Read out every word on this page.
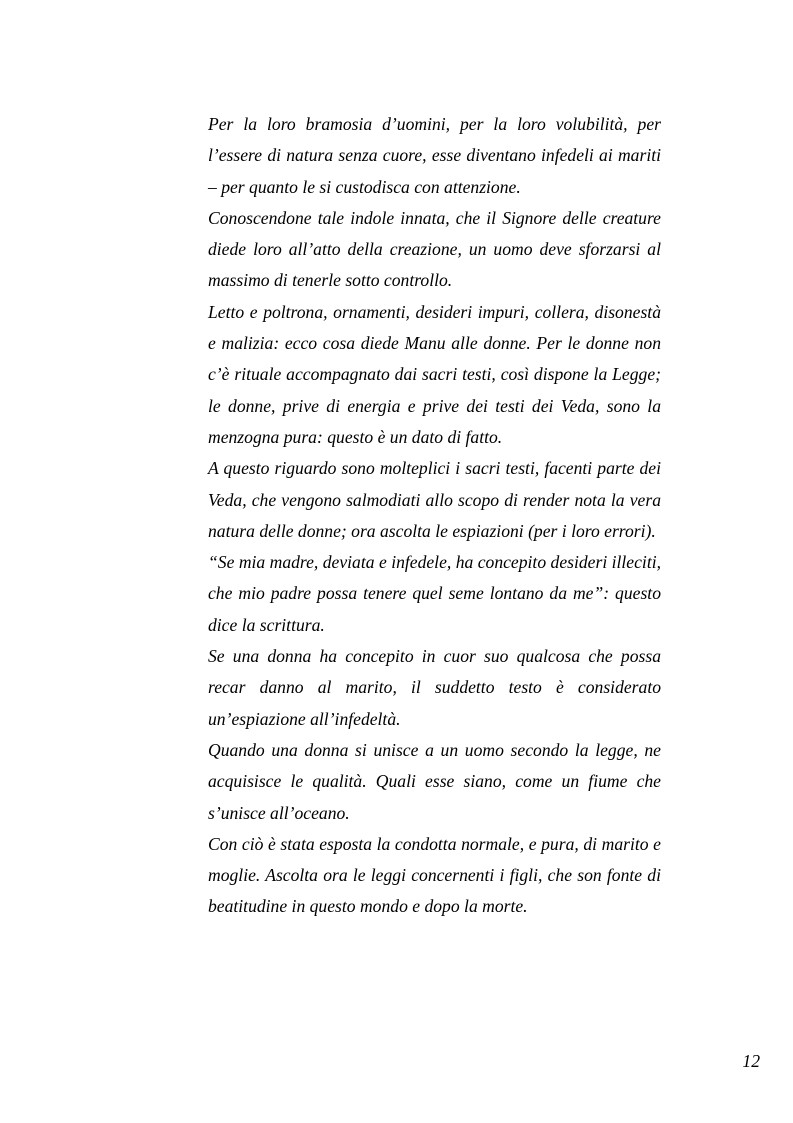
Per la loro bramosia d’uomini, per la loro volubilità, per l’essere di natura senza cuore, esse diventano infedeli ai mariti – per quanto le si custodisca con attenzione.

Conoscendone tale indole innata, che il Signore delle creature diede loro all’atto della creazione, un uomo deve sforzarsi al massimo di tenerle sotto controllo.

Letto e poltrona, ornamenti, desideri impuri, collera, disonestà e malizia: ecco cosa diede Manu alle donne. Per le donne non c’è rituale accompagnato dai sacri testi, così dispone la Legge; le donne, prive di energia e prive dei testi dei Veda, sono la menzogna pura: questo è un dato di fatto.

A questo riguardo sono molteplici i sacri testi, facenti parte dei Veda, che vengono salmodiati allo scopo di render nota la vera natura delle donne; ora ascolta le espiazioni (per i loro errori).

“Se mia madre, deviata e infedele, ha concepito desideri illeciti, che mio padre possa tenere quel seme lontano da me”: questo dice la scrittura.

Se una donna ha concepito in cuor suo qualcosa che possa recar danno al marito, il suddetto testo è considerato un’espiazione all’infedeltà.

Quando una donna si unisce a un uomo secondo la legge, ne acquisisce le qualità. Quali esse siano, come un fiume che s’unisce all’oceano.

Con ciò è stata esposta la condotta normale, e pura, di marito e moglie. Ascolta ora le leggi concernenti i figli, che son fonte di beatitudine in questo mondo e dopo la morte.

12
